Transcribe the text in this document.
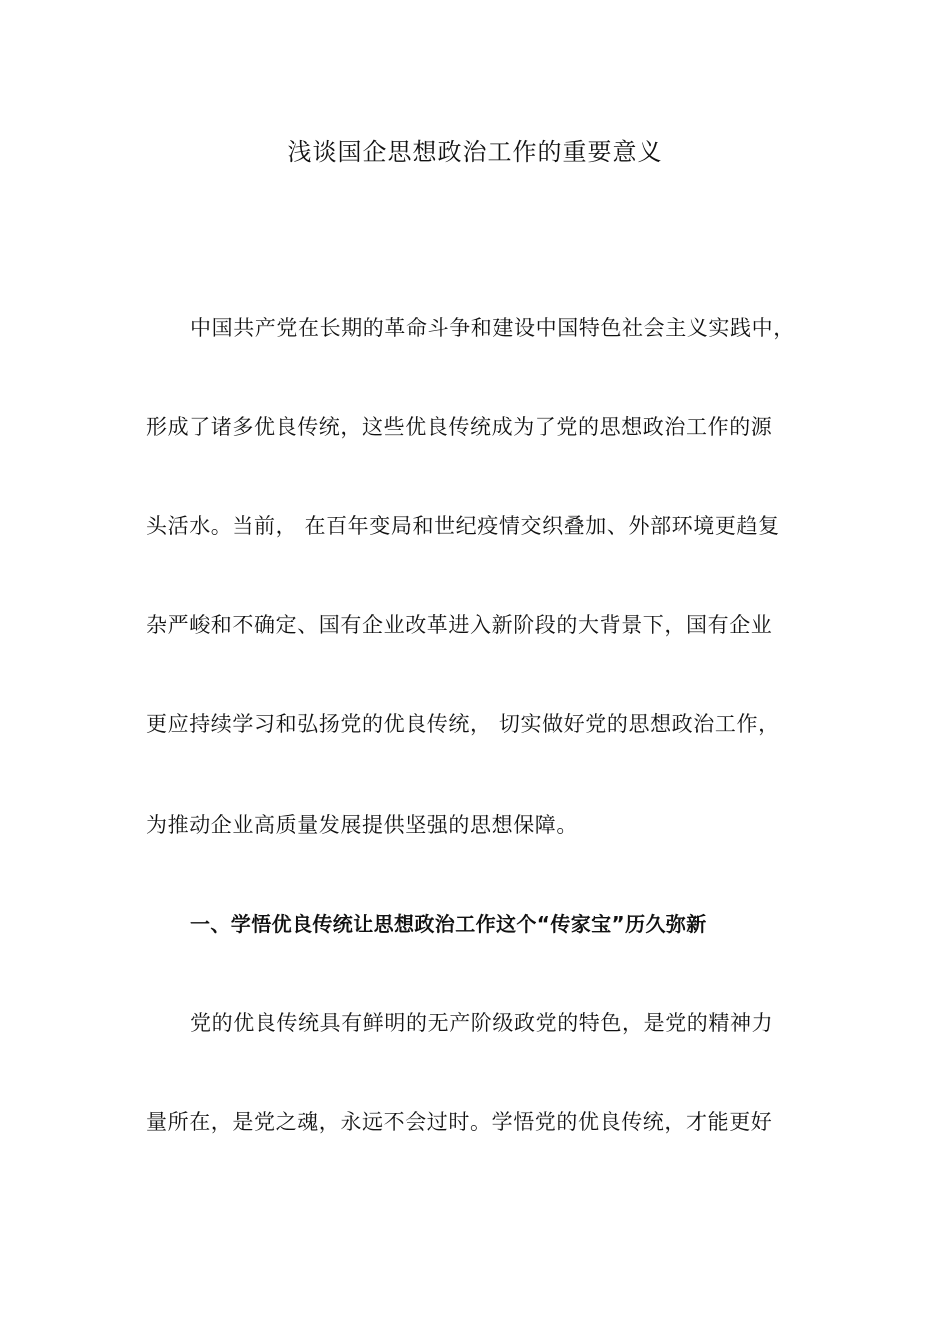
浅谈国企思想政治工作的重要意义
中国共产党在长期的革命斗争和建设中国特色社会主义实践中，
形成了诸多优良传统，这些优良传统成为了党的思想政治工作的源
头活水。当前， 在百年变局和世纪疫情交织叠加、外部环境更趋复
杂严峻和不确定、国有企业改革进入新阶段的大背景下，国有企业
更应持续学习和弘扬党的优良传统， 切实做好党的思想政治工作，
为推动企业高质量发展提供坚强的思想保障。
一、学悟优良传统让思想政治工作这个“传家宝”历久弥新
党的优良传统具有鲜明的无产阶级政党的特色，是党的精神力
量所在，是党之魂，永远不会过时。学悟党的优良传统，才能更好
